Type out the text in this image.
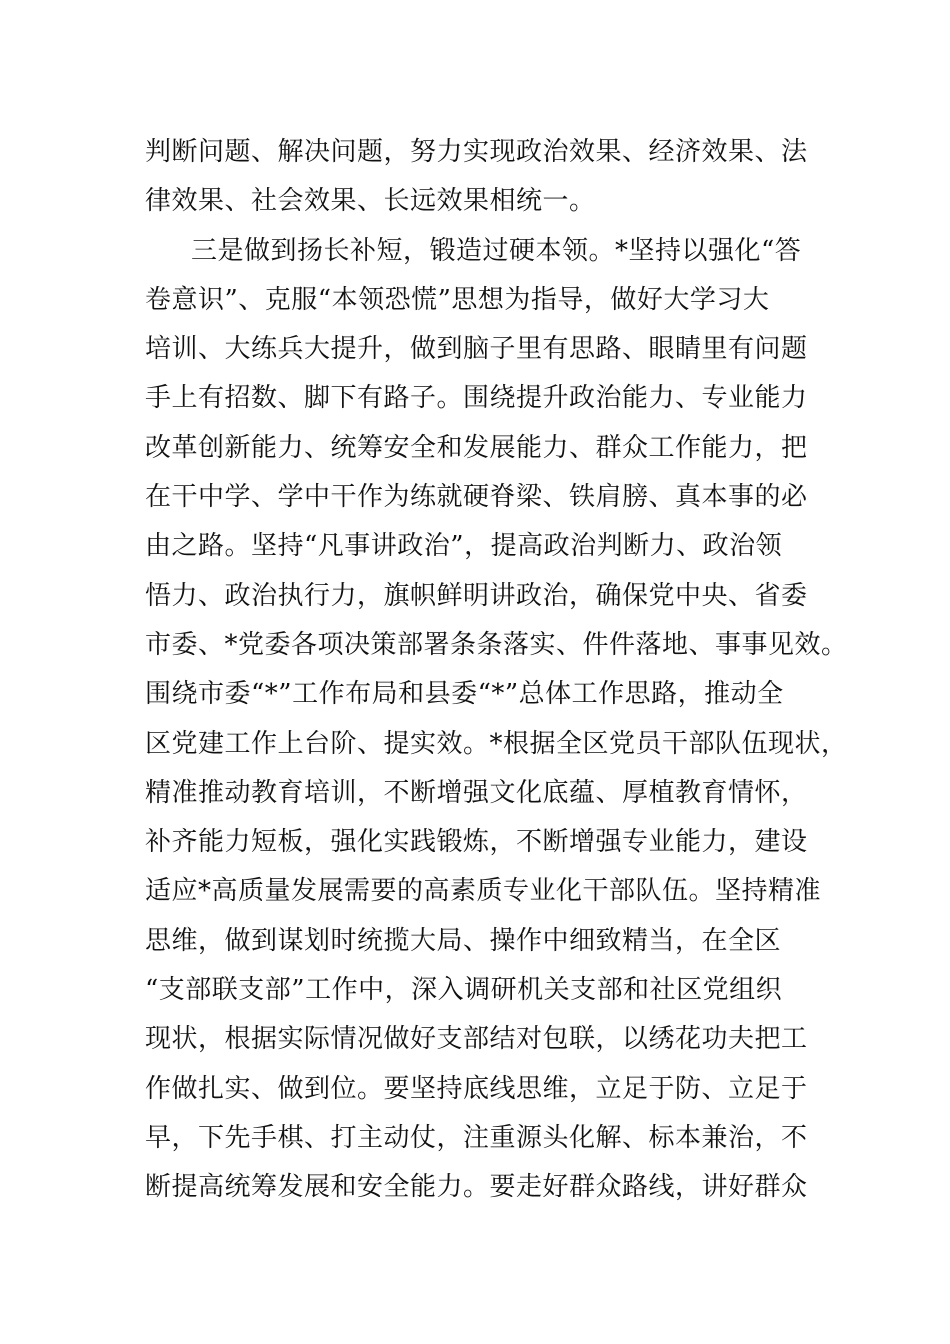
判断问题、解决问题，努力实现政治效果、经济效果、法
律效果、社会效果、长远效果相统一。
三是做到扬长补短，锻造过硬本领。*坚持以强化“答
卷意识”、克服“本领恐慌”思想为指导，做好大学习大
培训、大练兵大提升，做到脑子里有思路、眼睛里有问题
手上有招数、脚下有路子。围绕提升政治能力、专业能力
改革创新能力、统筹安全和发展能力、群众工作能力，把
在干中学、学中干作为练就硬脊梁、铁肩膀、真本事的必
由之路。坚持“凡事讲政治”，提高政治判断力、政治领
悟力、政治执行力，旗帜鲜明讲政治，确保党中央、省委
市委、*党委各项决策部署条条落实、件件落地、事事见效。
围绕市委“*”工作布局和县委“*”总体工作思路，推动全
区党建工作上台阶、提实效。*根据全区党员干部队伍现状，
精准推动教育培训，不断增强文化底蕴、厚植教育情怀，
补齐能力短板，强化实践锻炼，不断增强专业能力，建设
适应*高质量发展需要的高素质专业化干部队伍。坚持精准
思维，做到谋划时统揽大局、操作中细致精当，在全区
“支部联支部”工作中，深入调研机关支部和社区党组织
现状，根据实际情况做好支部结对包联，以绣花功夫把工
作做扎实、做到位。要坚持底线思维，立足于防、立足于
早，下先手棋、打主动仗，注重源头化解、标本兼治，不
断提高统筹发展和安全能力。要走好群众路线，讲好群众
